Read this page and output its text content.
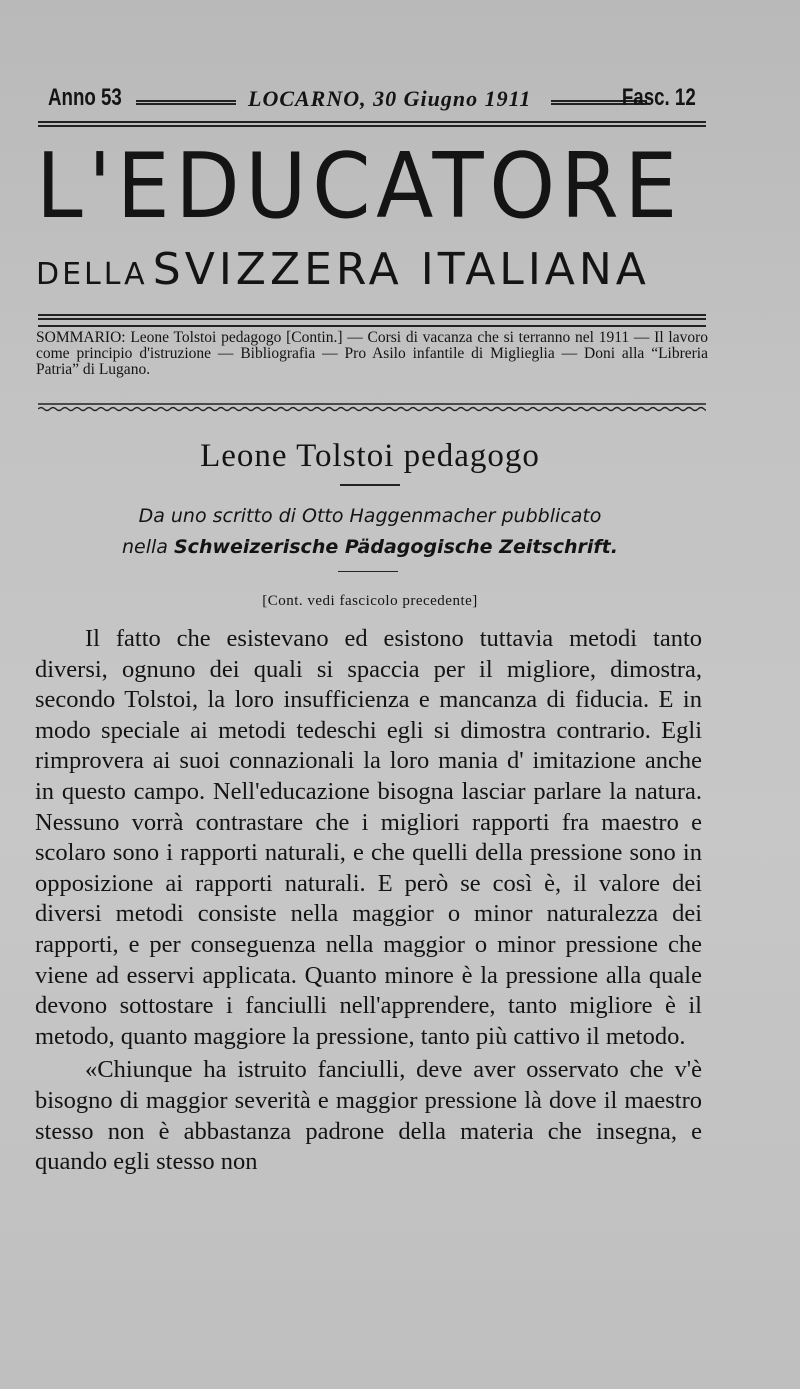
Anno 53	LOCARNO, 30 Giugno 1911	Fasc. 12
L'EDUCATORE
DELLA SVIZZERA ITALIANA
SOMMARIO: Leone Tolstoi pedagogo [Contin.] — Corsi di vacanza che si terranno nel 1911 — Il lavoro come principio d'istruzione — Bibliografia — Pro Asilo infantile di Miglieglia — Doni alla “Libreria Patria” di Lugano.
Leone Tolstoi pedagogo
Da uno scritto di Otto Haggenmacher pubblicato
nella Schweizerische Pädagogische Zeitschrift.
[Cont. vedi fascicolo precedente]

Il fatto che esistevano ed esistono tuttavia metodi tanto diversi, ognuno dei quali si spaccia per il migliore, dimostra, secondo Tolstoi, la loro insufficienza e mancanza di fiducia. E in modo speciale ai metodi tedeschi egli si dimostra contrario. Egli rimprovera ai suoi connazionali la loro mania d' imitazione anche in questo campo. Nell'educazione bisogna lasciar parlare la natura. Nessuno vorrà contrastare che i migliori rapporti fra maestro e scolaro sono i rapporti naturali, e che quelli della pressione sono in opposizione ai rapporti naturali. E però se così è, il valore dei diversi metodi consiste nella maggior o minor naturalezza dei rapporti, e per conseguenza nella maggior o minor pressione che viene ad esservi applicata. Quanto minore è la pressione alla quale devono sottostare i fanciulli nell'apprendere, tanto migliore è il metodo, quanto maggiore la pressione, tanto più cattivo il metodo.

«Chiunque ha istruito fanciulli, deve aver osservato che v'è bisogno di maggior severità e maggior pressione là dove il maestro stesso non è abbastanza padrone della materia che insegna, e quando egli stesso non
